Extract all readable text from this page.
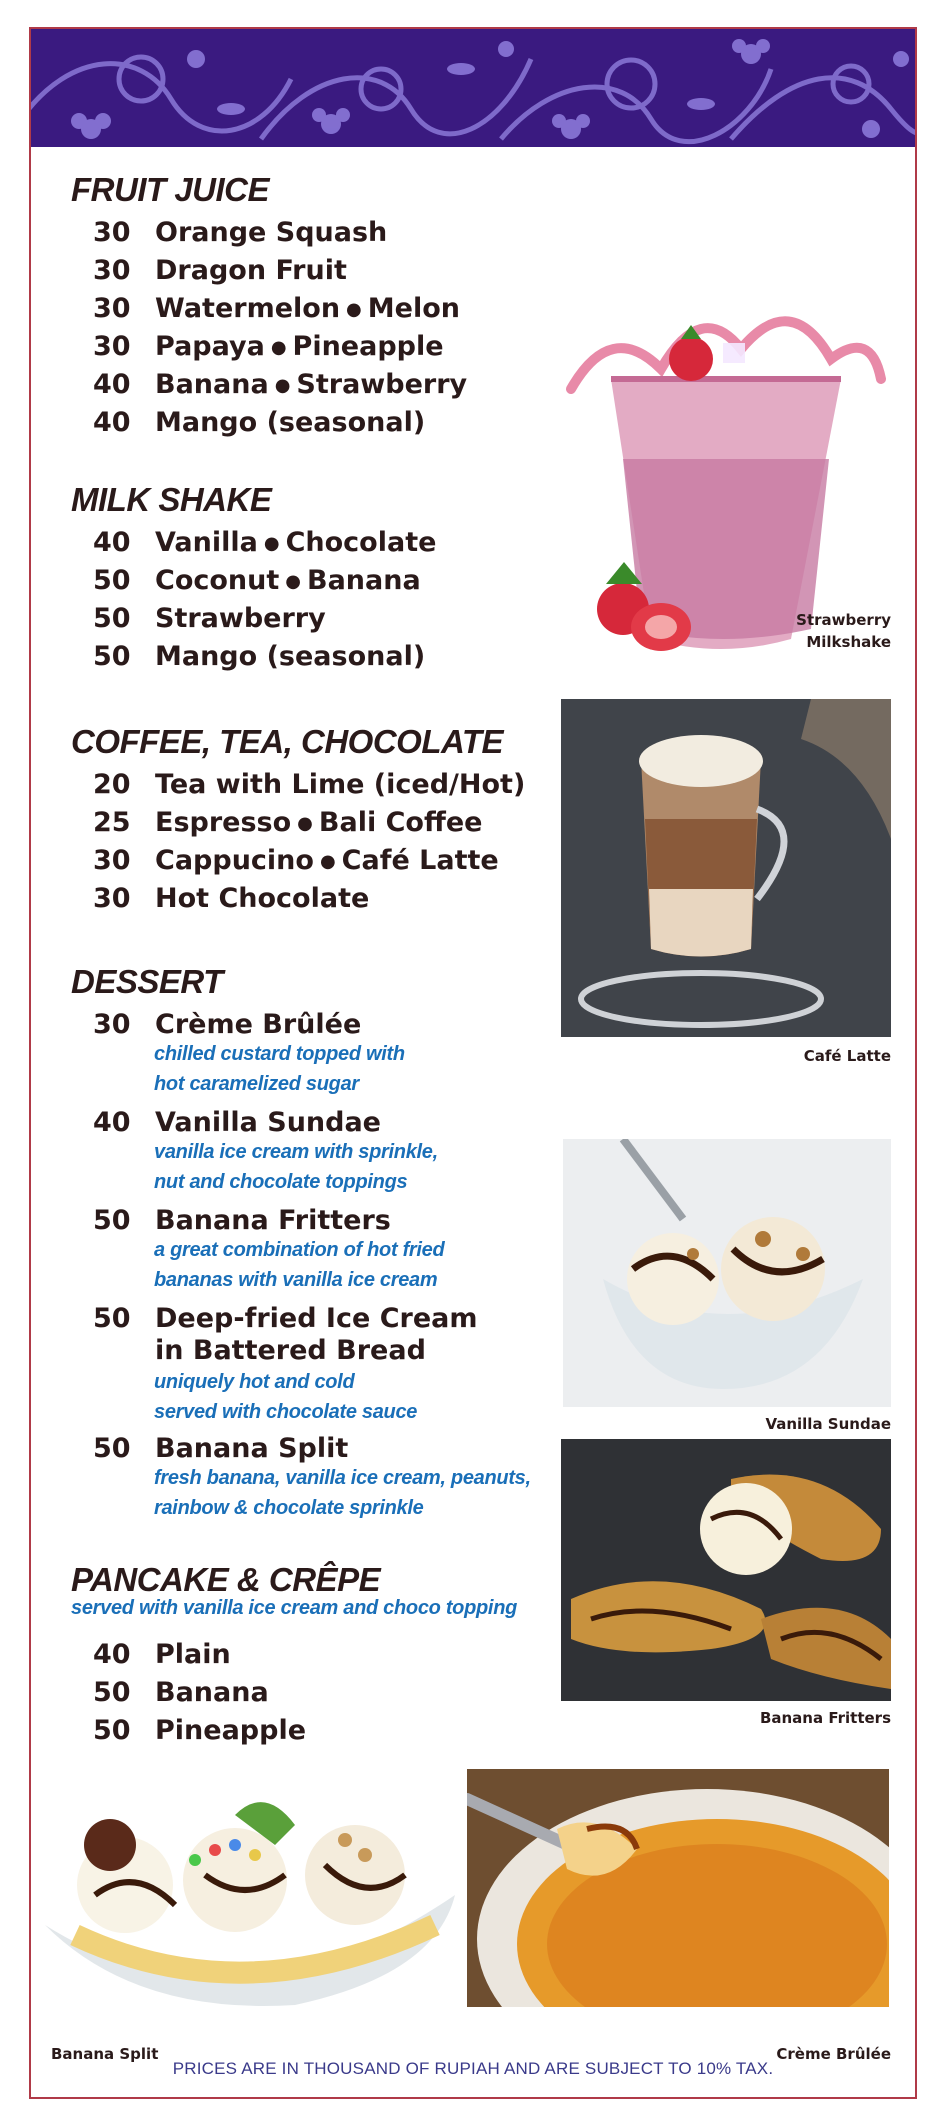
FRUIT JUICE
30 Orange Squash
30 Dragon Fruit
30 Watermelon ● Melon
30 Papaya ● Pineapple
40 Banana ● Strawberry
40 Mango (seasonal)
MILK SHAKE
40 Vanilla ● Chocolate
50 Coconut ● Banana
50 Strawberry
50 Mango (seasonal)
COFFEE, TEA, CHOCOLATE
20 Tea with Lime (iced/Hot)
25 Espresso ● Bali Coffee
30 Cappucino ● Café Latte
30 Hot Chocolate
DESSERT
30 Crème Brûlée
chilled custard topped with
hot caramelized sugar
40 Vanilla Sundae
vanilla ice cream with sprinkle,
nut and chocolate toppings
50 Banana Fritters
a great combination of hot fried
bananas with vanilla ice cream
50 Deep-fried Ice Cream
in Battered Bread
uniquely hot and cold
served with chocolate sauce
50 Banana Split
fresh banana, vanilla ice cream, peanuts,
rainbow & chocolate sprinkle
PANCAKE & CRÊPE
served with vanilla ice cream and choco topping
40 Plain
50 Banana
50 Pineapple
Strawberry
Milkshake
Café Latte
Vanilla Sundae
Banana Fritters
Banana Split	Crème Brûlée
PRICES ARE IN THOUSAND OF RUPIAH AND ARE SUBJECT TO 10% TAX.
